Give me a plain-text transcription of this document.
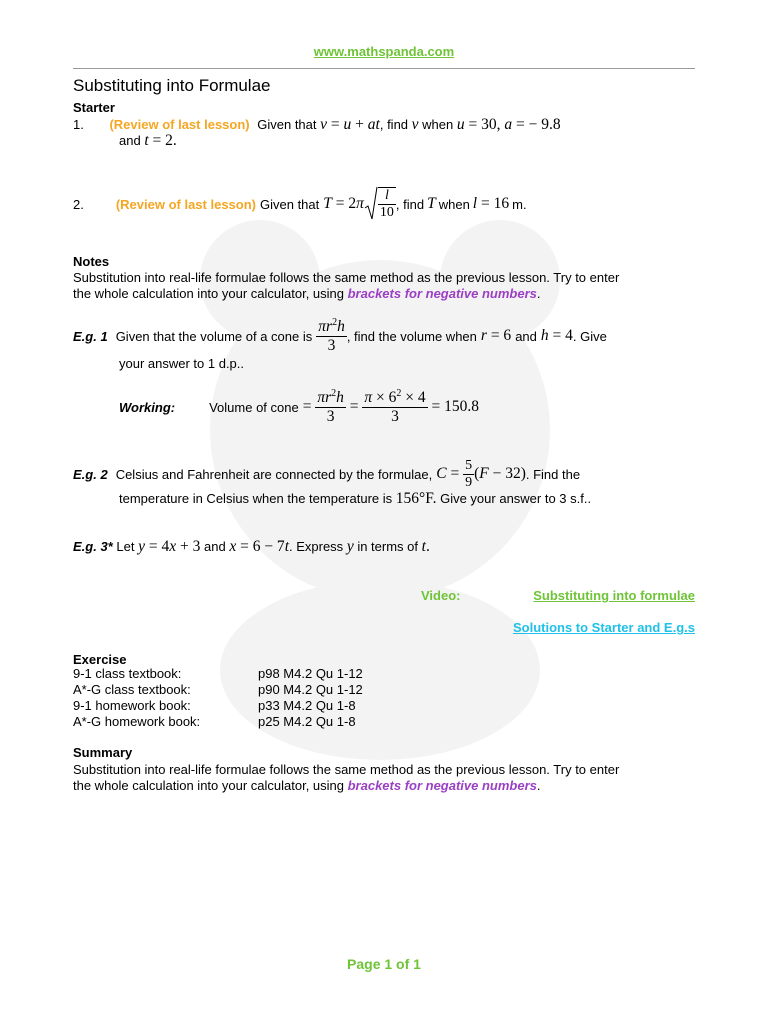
www.mathspanda.com
Substituting into Formulae
Starter
1. (Review of last lesson) Given that v = u + at, find v when u = 30, a = − 9.8
and t = 2.
2. (Review of last lesson) Given that T = 2 π $\frac{l}{10}$ , find T when l = 16 m.
Notes
Substitution into real-life formulae follows the same method as the previous lesson. Try to enter
the whole calculation into your calculator, using brackets for negative numbers.
E.g. 1 Given that the volume of a cone is $\frac{\pi r^2h}{3}$ , find the volume when r = 6 and h = 4 . Give
your answer to 1 d.p..
Working:	Volume of cone = $\frac{\pi r^2h}{3} = \frac{\pi \times 6^2 \times 4}{3} = 150.8$
E.g. 2 Celsius and Fahrenheit are connected by the formulae, $C = \frac{5}{9}$ ( F − 32) . Find the
temperature in Celsius when the temperature is 156°F. Give your answer to 3 s.f..
E.g. 3* Let y = 4x + 3 and x = 6 − 7t. Express y in terms of t.
Video:	Substituting into formulae
Solutions to Starter and E.g.s
Exercise
9-1 class textbook:	p98 M4.2 Qu 1-12
A*-G class textbook:	p90 M4.2 Qu 1-12
9-1 homework book:	p33 M4.2 Qu 1-8
A*-G homework book:	p25 M4.2 Qu 1-8
Summary
Substitution into real-life formulae follows the same method as the previous lesson. Try to enter
the whole calculation into your calculator, using brackets for negative numbers.
Page 1 of 1
